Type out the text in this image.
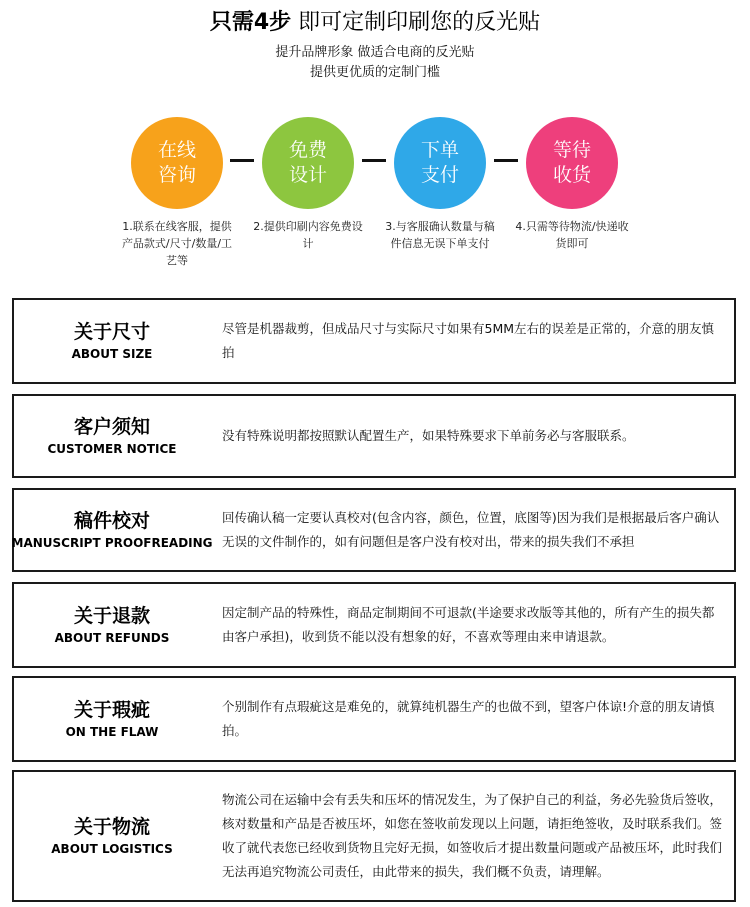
只需4步 即可定制印刷您的反光贴
提升品牌形象 做适合电商的反光贴
提供更优质的定制门槛
在线
咨询
免费
设计
下单
支付
等待
收货
1.联系在线客服，提供产品款式/尺寸/数量/工艺等
2.提供印刷内容免费设计
3.与客服确认数量与稿件信息无误下单支付
4.只需等待物流/快递收货即可
关于尺寸
ABOUT SIZE
尽管是机器裁剪，但成品尺寸与实际尺寸如果有5MM左右的误差是正常的，介意的朋友慎拍
客户须知
CUSTOMER NOTICE
没有特殊说明都按照默认配置生产，如果特殊要求下单前务必与客服联系。
稿件校对
MANUSCRIPT PROOFREADING
回传确认稿一定要认真校对(包含内容，颜色，位置，底图等)因为我们是根据最后客户确认无误的文件制作的，如有问题但是客户没有校对出，带来的损失我们不承担
关于退款
ABOUT REFUNDS
因定制产品的特殊性，商品定制期间不可退款(半途要求改版等其他的，所有产生的损失都由客户承担)，收到货不能以没有想象的好，不喜欢等理由来申请退款。
关于瑕疵
ON THE FLAW
个别制作有点瑕疵这是难免的，就算纯机器生产的也做不到，望客户体谅!介意的朋友请慎拍。
关于物流
ABOUT LOGISTICS
物流公司在运输中会有丢失和压坏的情况发生，为了保护自己的利益，务必先验货后签收，核对数量和产品是否被压坏，如您在签收前发现以上问题，请拒绝签收，及时联系我们。签收了就代表您已经收到货物且完好无损，如签收后才提出数量问题或产品被压坏，此时我们无法再追究物流公司责任，由此带来的损失，我们概不负责，请理解。
